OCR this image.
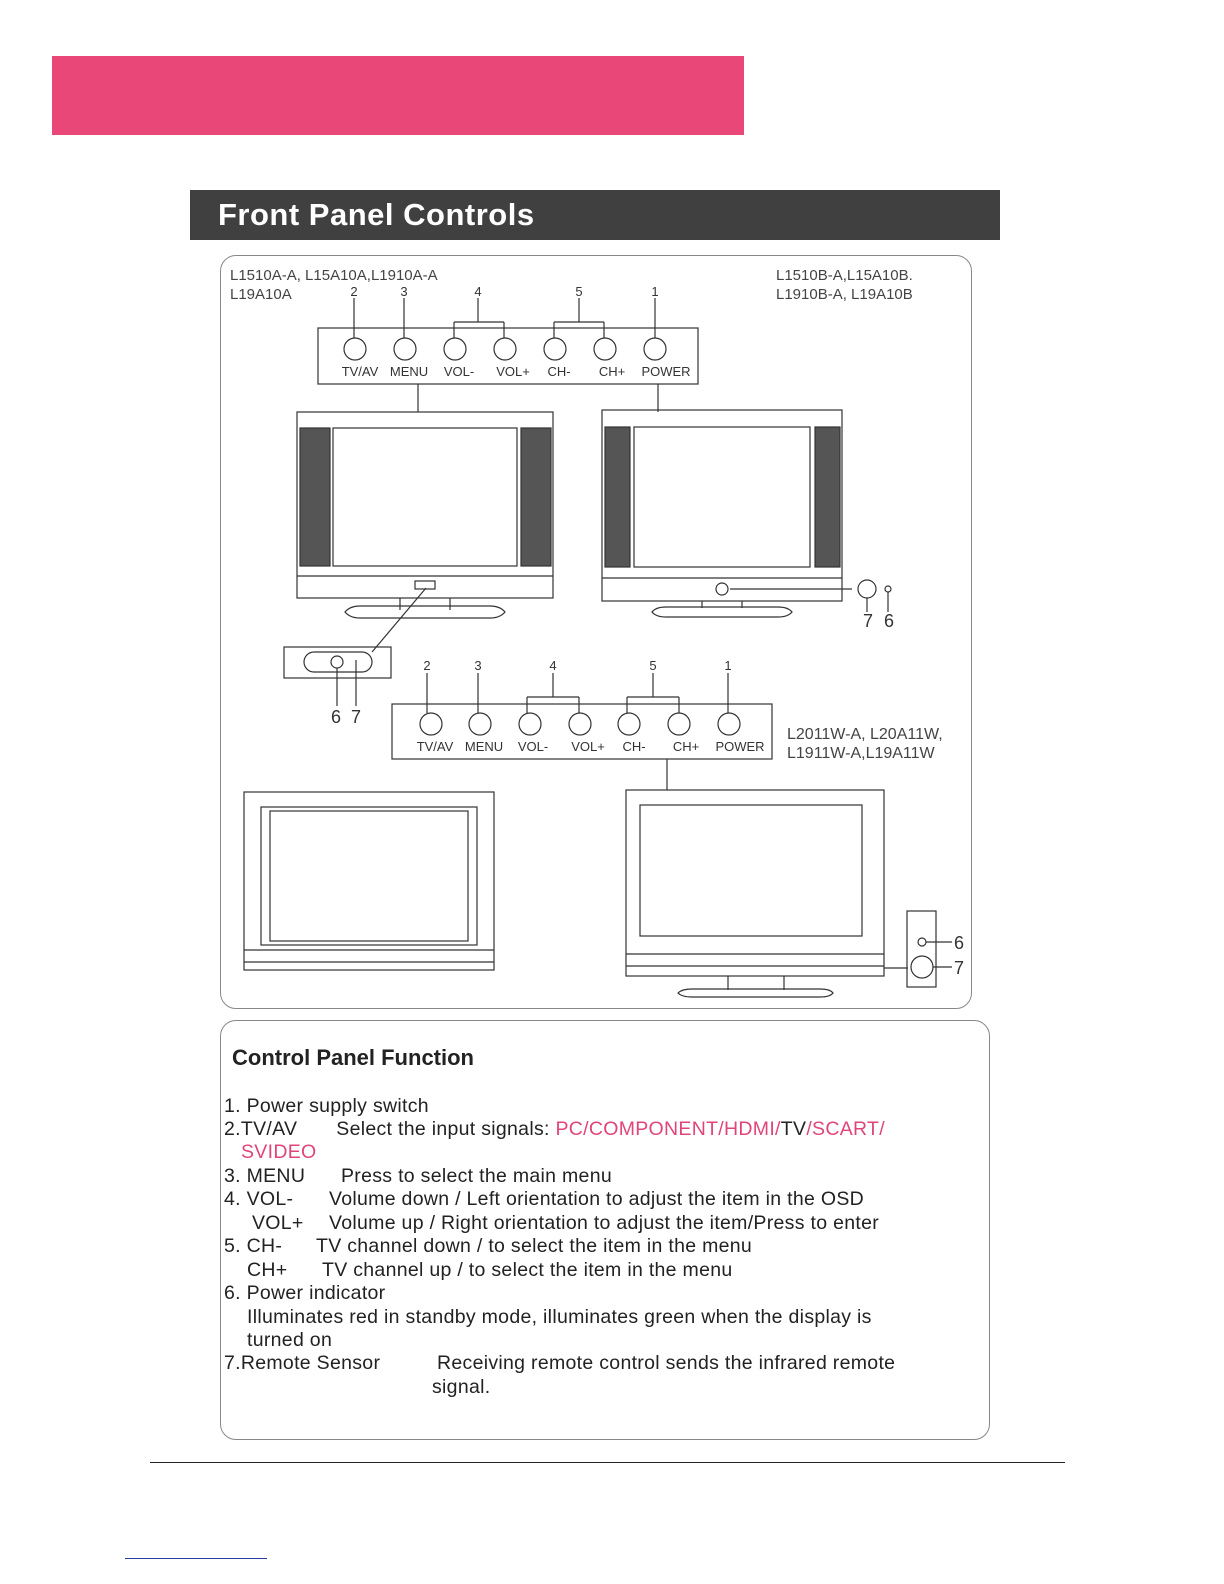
Front Panel Controls
L1510A-A, L15A10A,L1910A-A
L19A10A
L1510B-A,L15A10B.
L1910B-A, L19A10B
L2011W-A, L20A11W,
L1911W-A,L19A11W
TV/AV MENU VOL- VOL+ CH- CH+ POWER
TV/AV MENU VOL- VOL+ CH- CH+ POWER
2	3	4	5	1
2	3	4	5	1
7 6
6 7
6
7
Control Panel Function
1. Power supply switch
2.TV/AV Select the input signals: PC/COMPONENT/HDMI/TV/SCART/
SVIDEO
3. MENU Press to select the main menu
4. VOL- Volume down / Left orientation to adjust the item in the OSD
VOL+ Volume up / Right orientation to adjust the item/Press to enter
5. CH- TV channel down / to select the item in the menu
CH+ TV channel up / to select the item in the menu
6. Power indicator
Illuminates red in standby mode, illuminates green when the display is
turned on
7.Remote Sensor	Receiving remote control sends the infrared remote
signal.
